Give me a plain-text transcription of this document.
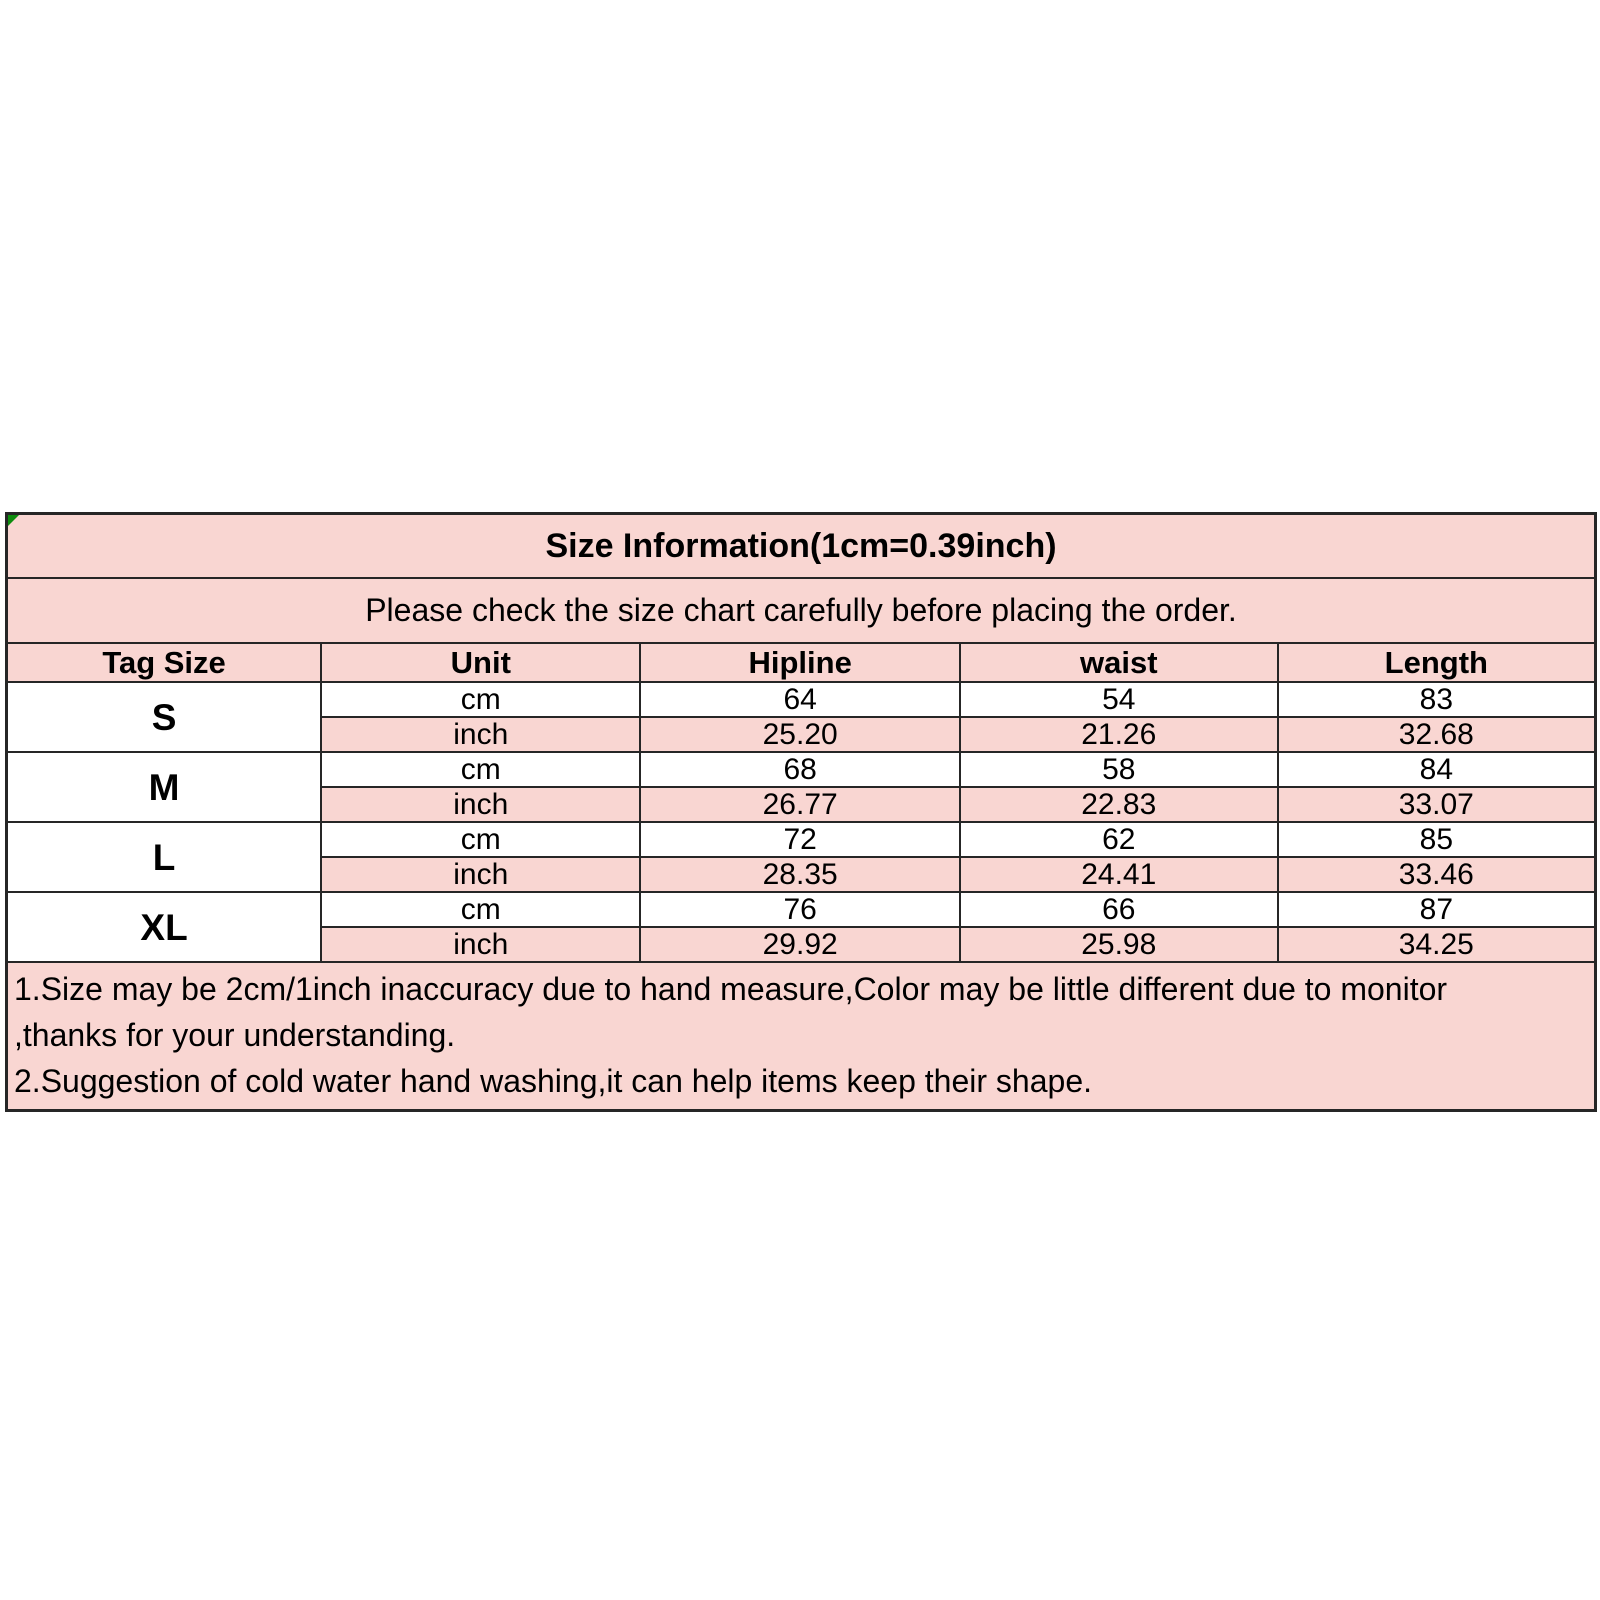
Size Information(1cm=0.39inch)				
Please check the size chart carefully before placing the order.				
Tag Size	Unit	Hipline	waist	Length
S	cm	64	54	83
	inch	25.20	21.26	32.68
M	cm	68	58	84
	inch	26.77	22.83	33.07
L	cm	72	62	85
	inch	28.35	24.41	33.46
XL	cm	76	66	87
	inch	29.92	25.98	34.25

1.Size may be 2cm/1inch inaccuracy due to hand measure,Color may be little different due to monitor
,thanks for your understanding.
2.Suggestion of cold water hand washing,it can help items keep their shape.				
